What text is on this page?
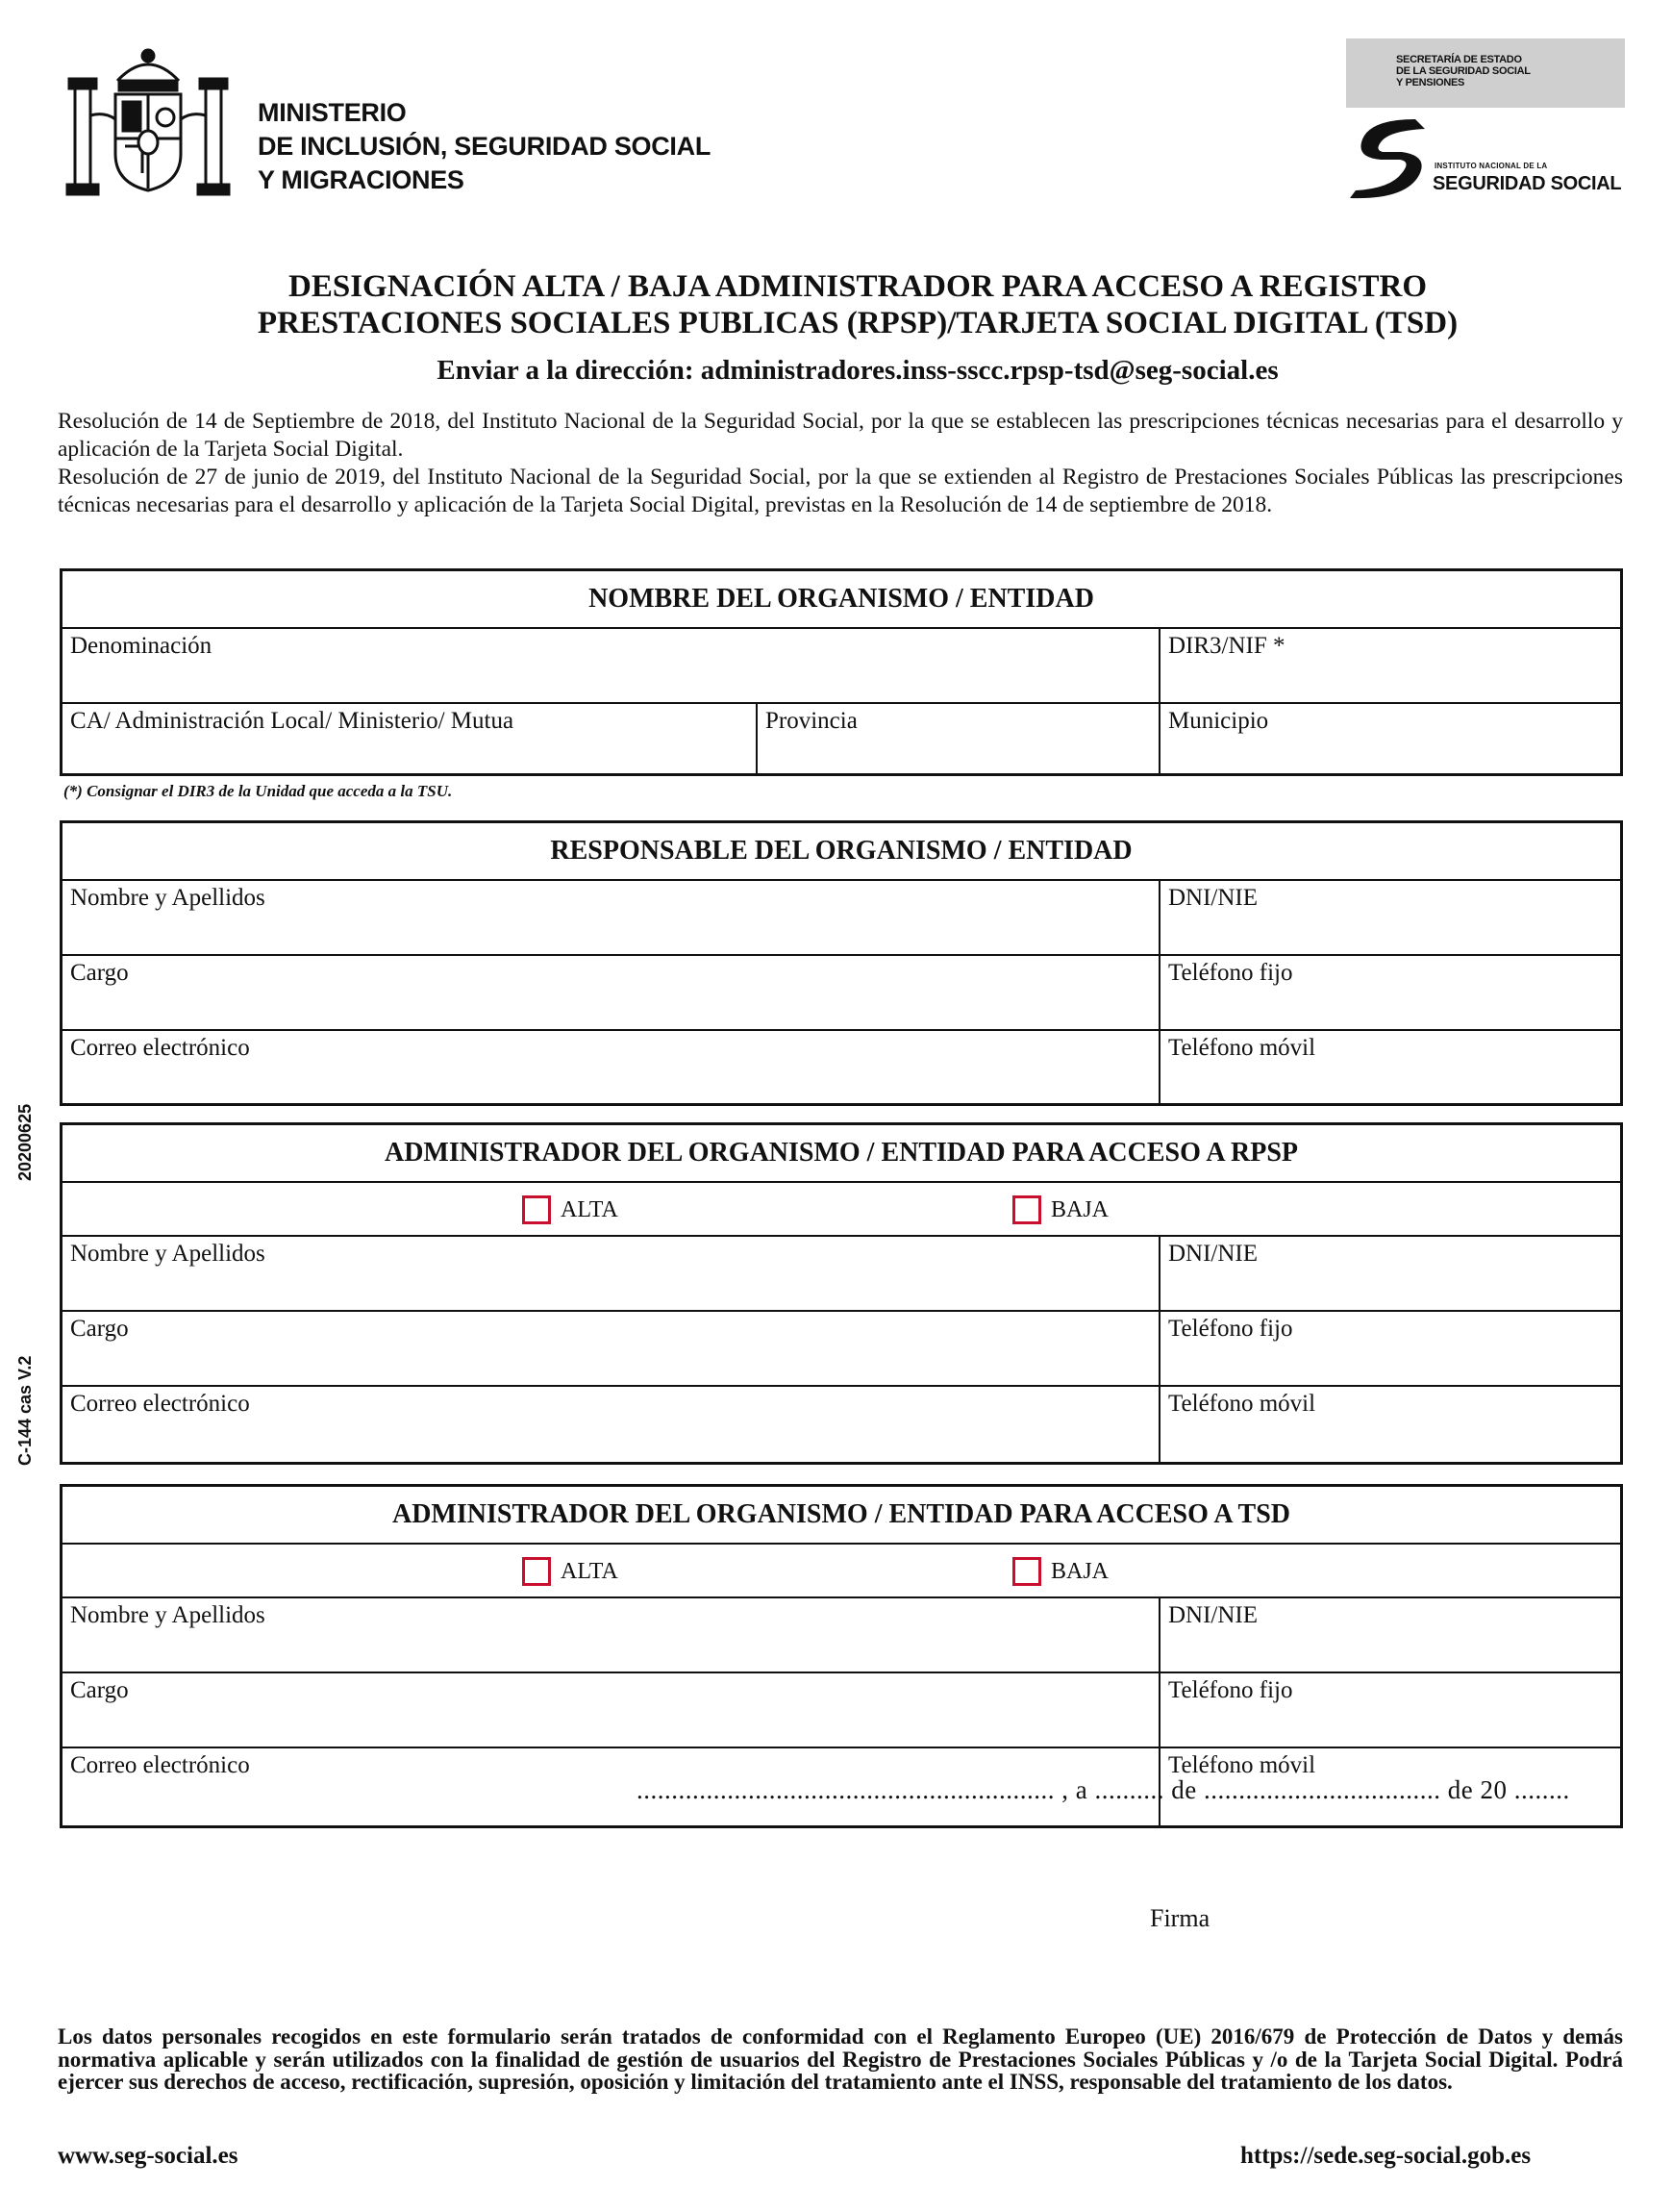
MINISTERIO
DE INCLUSIÓN, SEGURIDAD SOCIAL
Y MIGRACIONES
SECRETARÍA DE ESTADO
DE LA SEGURIDAD SOCIAL
Y PENSIONES
INSTITUTO NACIONAL DE LA
SEGURIDAD SOCIAL
DESIGNACIÓN ALTA / BAJA ADMINISTRADOR PARA ACCESO A REGISTRO
PRESTACIONES SOCIALES PUBLICAS (RPSP)/TARJETA SOCIAL DIGITAL (TSD)
Enviar a la dirección: administradores.inss-sscc.rpsp-tsd@seg-social.es

Resolución de 14 de Septiembre de 2018, del Instituto Nacional de la Seguridad Social, por la que se establecen las prescripciones técnicas necesarias para el desarrollo y aplicación de la Tarjeta Social Digital.

Resolución de 27 de junio de 2019, del Instituto Nacional de la Seguridad Social, por la que se extienden al Registro de Prestaciones Sociales Públicas las prescripciones técnicas necesarias para el desarrollo y aplicación de la Tarjeta Social Digital, previstas en la Resolución de 14 de septiembre de 2018.

NOMBRE DEL ORGANISMO / ENTIDAD
Denominación	DIR3/NIF *
CA/ Administración Local/ Ministerio/ Mutua	Provincia	Municipio
(*) Consignar el DIR3 de la Unidad que acceda a la TSU.
RESPONSABLE DEL ORGANISMO / ENTIDAD
Nombre y Apellidos	DNI/NIE
Cargo	Teléfono fijo
Correo electrónico	Teléfono móvil
ADMINISTRADOR DEL ORGANISMO / ENTIDAD PARA ACCESO A RPSP
ALTA	BAJA
Nombre y Apellidos	DNI/NIE
Cargo	Teléfono fijo
Correo electrónico	Teléfono móvil
ADMINISTRADOR DEL ORGANISMO / ENTIDAD PARA ACCESO A TSD
ALTA	BAJA
Nombre y Apellidos	DNI/NIE
Cargo	Teléfono fijo
Correo electrónico	Teléfono móvil
20200625
C-144 cas V.2
............................................................ , a .......... de .................................. de 20 ........
Firma
Los datos personales recogidos en este formulario serán tratados de conformidad con el Reglamento Europeo (UE) 2016/679 de Protección de Datos y demás normativa aplicable y serán utilizados con la finalidad de gestión de usuarios del Registro de Prestaciones Sociales Públicas y /o de la Tarjeta Social Digital. Podrá ejercer sus derechos de acceso, rectificación, supresión, oposición y limitación del tratamiento ante el INSS, responsable del tratamiento de los datos.
www.seg-social.es	https://sede.seg-social.gob.es
